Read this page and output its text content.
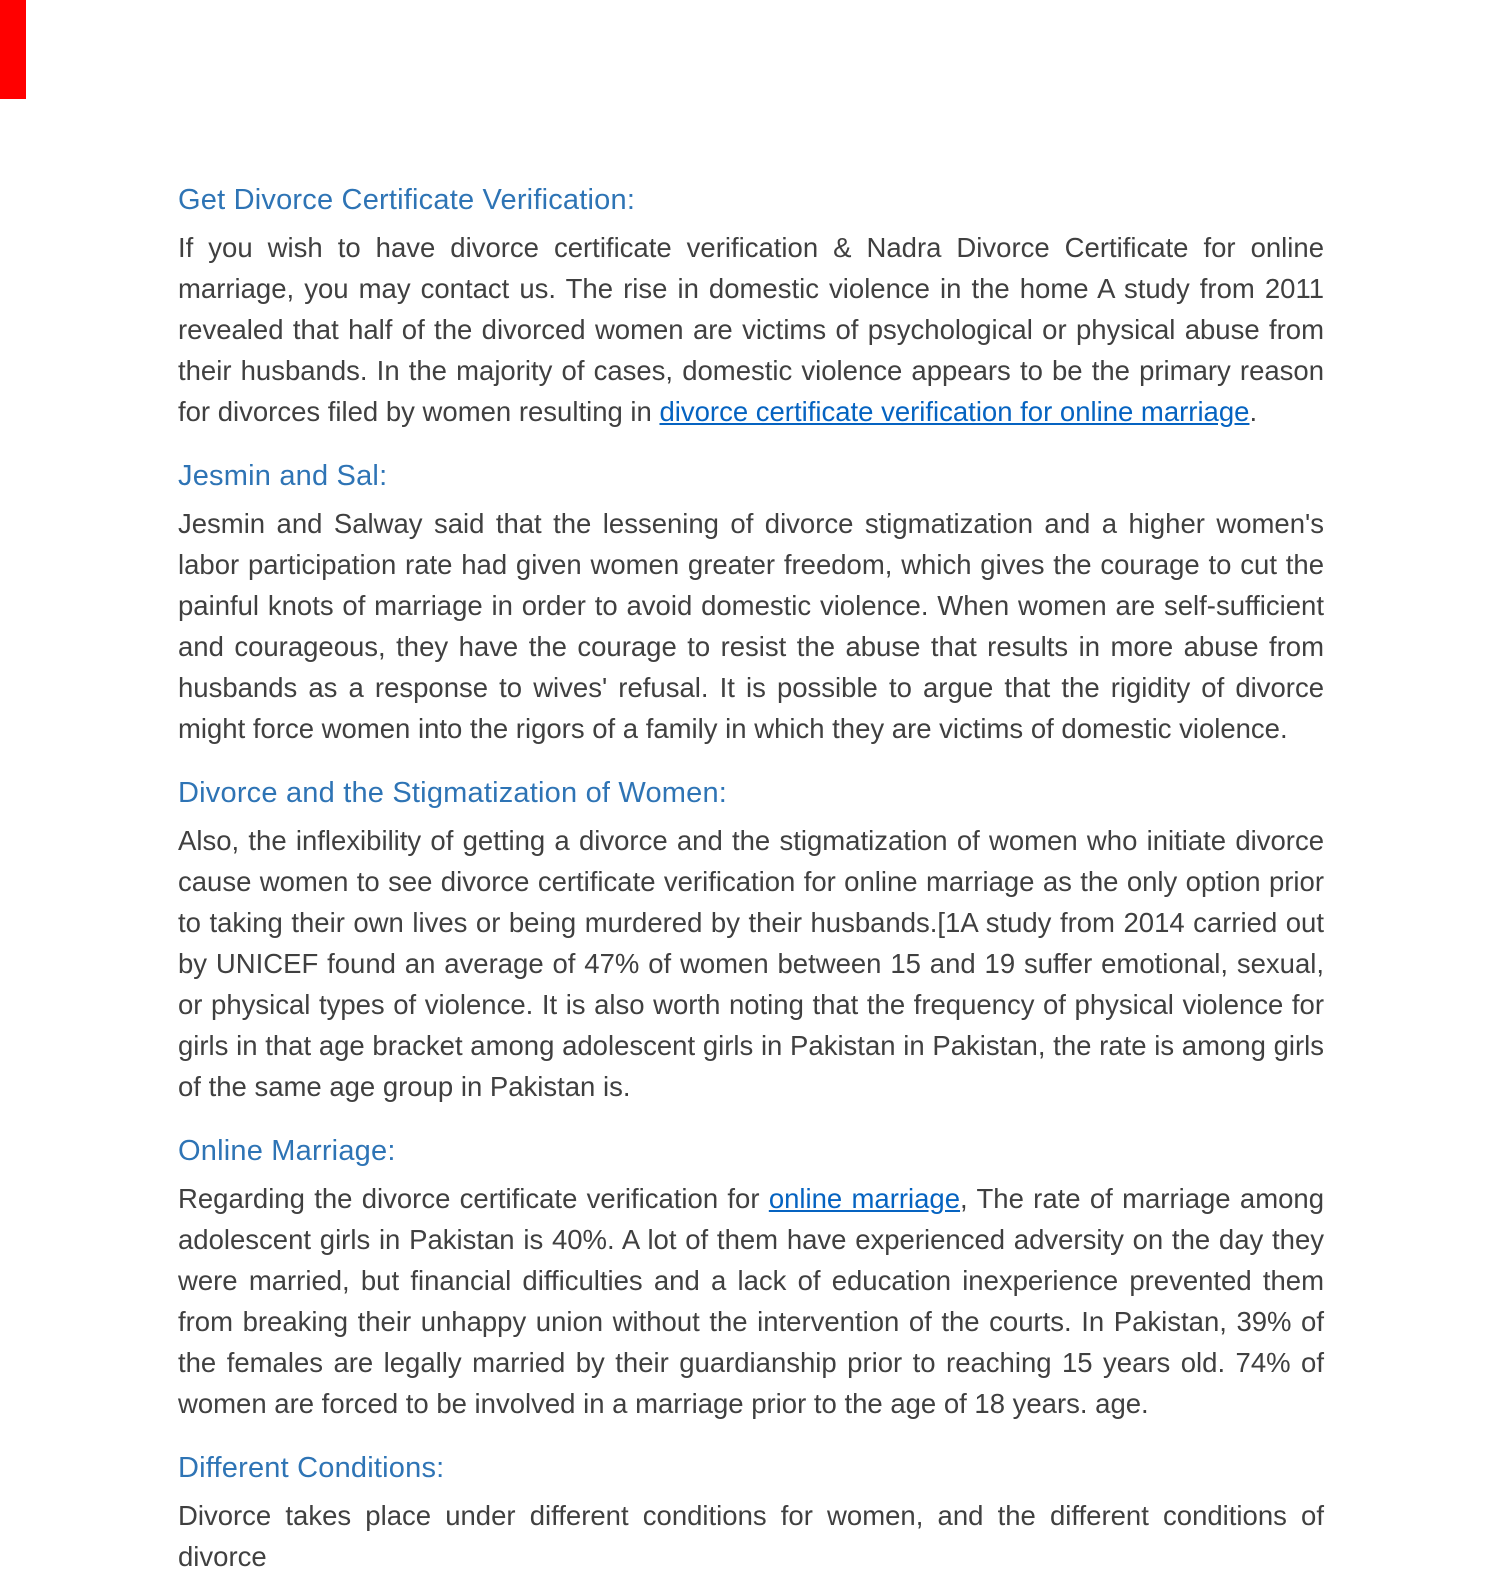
Get Divorce Certificate Verification:

If you wish to have divorce certificate verification & Nadra Divorce Certificate for online marriage, you may contact us. The rise in domestic violence in the home A study from 2011 revealed that half of the divorced women are victims of psychological or physical abuse from their husbands. In the majority of cases, domestic violence appears to be the primary reason for divorces filed by women resulting in divorce certificate verification for online marriage.

Jesmin and Sal:

Jesmin and Salway said that the lessening of divorce stigmatization and a higher women's labor participation rate had given women greater freedom, which gives the courage to cut the painful knots of marriage in order to avoid domestic violence. When women are self-sufficient and courageous, they have the courage to resist the abuse that results in more abuse from husbands as a response to wives' refusal. It is possible to argue that the rigidity of divorce might force women into the rigors of a family in which they are victims of domestic violence.

Divorce and the Stigmatization of Women:

Also, the inflexibility of getting a divorce and the stigmatization of women who initiate divorce cause women to see divorce certificate verification for online marriage as the only option prior to taking their own lives or being murdered by their husbands.[1A study from 2014 carried out by UNICEF found an average of 47% of women between 15 and 19 suffer emotional, sexual, or physical types of violence. It is also worth noting that the frequency of physical violence for girls in that age bracket among adolescent girls in Pakistan in Pakistan, the rate is among girls of the same age group in Pakistan is.

Online Marriage:

Regarding the divorce certificate verification for online marriage, The rate of marriage among adolescent girls in Pakistan is 40%. A lot of them have experienced adversity on the day they were married, but financial difficulties and a lack of education inexperience prevented them from breaking their unhappy union without the intervention of the courts. In Pakistan, 39% of the females are legally married by their guardianship prior to reaching 15 years old. 74% of women are forced to be involved in a marriage prior to the age of 18 years. age.

Different Conditions:

Divorce takes place under different conditions for women, and the different conditions of divorce
